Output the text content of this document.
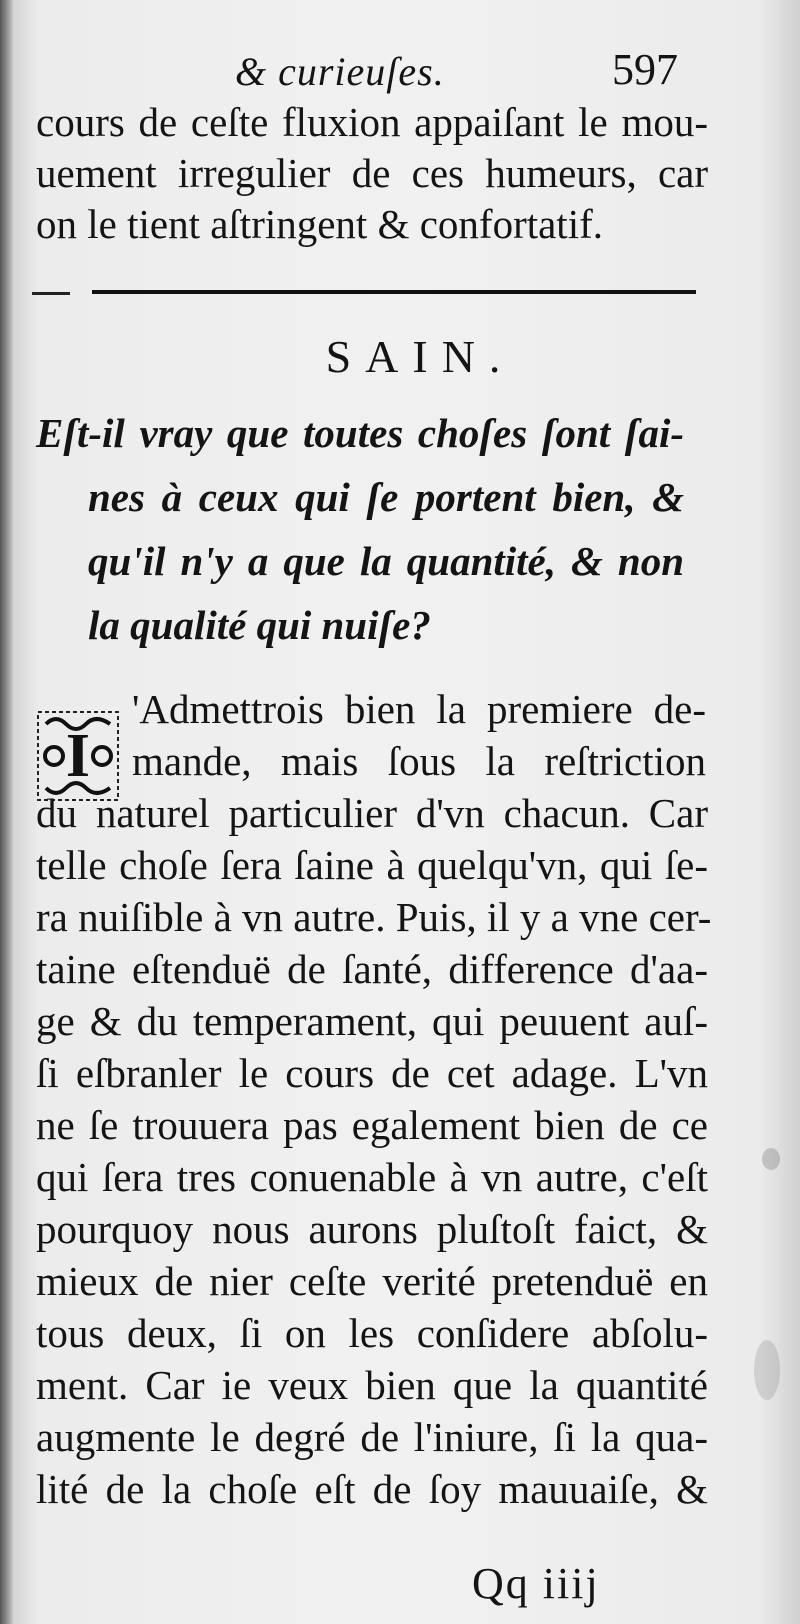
& curieuſes.	597
cours de ceſte fluxion appaiſant le mou-
uement irregulier de ces humeurs, car
on le tient aſtringent & confortatif.
SAIN.
Eſt-il vray que toutes choſes ſont ſai-
nes à ceux qui ſe portent bien, &
qu'il n'y a que la quantité, & non
la qualité qui nuiſe?
I
'Admettrois bien la premiere de-
mande, mais ſous la reſtriction
du naturel particulier d'vn chacun. Car
telle choſe ſera ſaine à quelqu'vn, qui ſe-
ra nuiſible à vn autre. Puis, il y a vne cer-
taine eſtenduë de ſanté, difference d'aa-
ge & du temperament, qui peuuent auſ-
ſi eſbranler le cours de cet adage. L'vn
ne ſe trouuera pas egalement bien de ce
qui ſera tres conuenable à vn autre, c'eſt
pourquoy nous aurons pluſtoſt faict, &
mieux de nier ceſte verité pretenduë en
tous deux, ſi on les conſidere abſolu-
ment. Car ie veux bien que la quantité
augmente le degré de l'iniure, ſi la qua-
lité de la choſe eſt de ſoy mauuaiſe, &
Qq iiij
